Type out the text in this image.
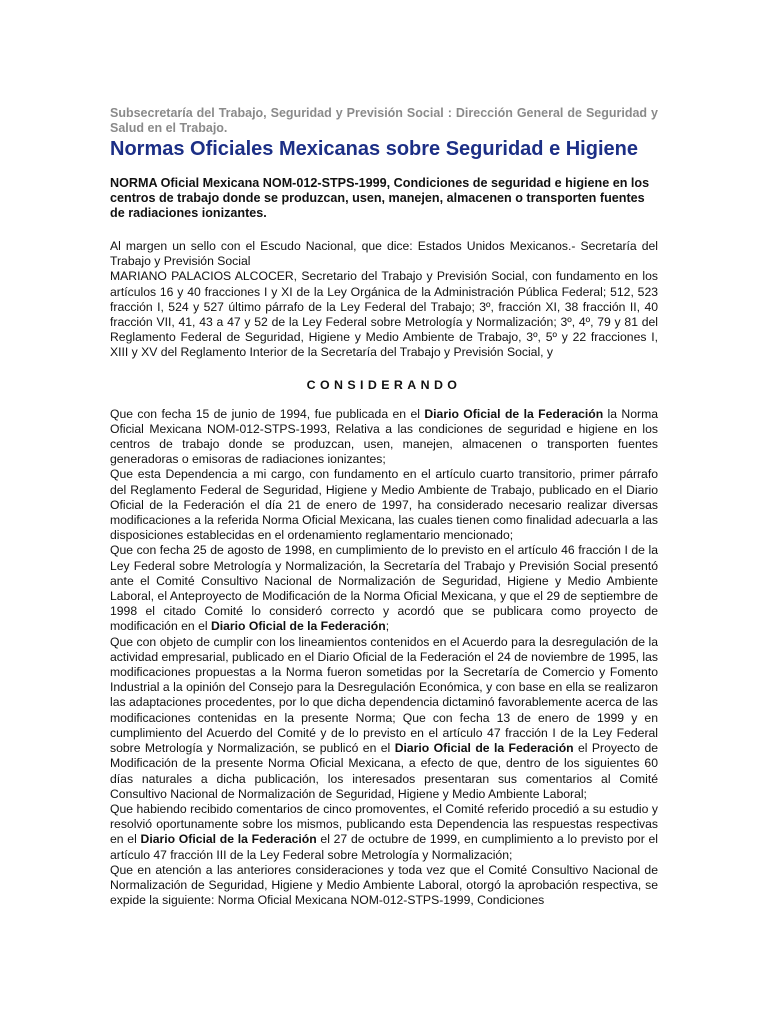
Subsecretaría del Trabajo, Seguridad y Previsión Social : Dirección General de Seguridad y Salud en el Trabajo.

Normas Oficiales Mexicanas sobre Seguridad e Higiene

NORMA Oficial Mexicana NOM-012-STPS-1999, Condiciones de seguridad e higiene en los centros de trabajo donde se produzcan, usen, manejen, almacenen o transporten fuentes de radiaciones ionizantes.

Al margen un sello con el Escudo Nacional, que dice: Estados Unidos Mexicanos.- Secretaría del Trabajo y Previsión Social

MARIANO PALACIOS ALCOCER, Secretario del Trabajo y Previsión Social, con fundamento en los artículos 16 y 40 fracciones I y XI de la Ley Orgánica de la Administración Pública Federal; 512, 523 fracción I, 524 y 527 último párrafo de la Ley Federal del Trabajo; 3º, fracción XI, 38 fracción II, 40 fracción VII, 41, 43 a 47 y 52 de la Ley Federal sobre Metrología y Normalización; 3º, 4º, 79 y 81 del Reglamento Federal de Seguridad, Higiene y Medio Ambiente de Trabajo, 3º, 5º y 22 fracciones I, XIII y XV del Reglamento Interior de la Secretaría del Trabajo y Previsión Social, y

CONSIDERANDO

Que con fecha 15 de junio de 1994, fue publicada en el Diario Oficial de la Federación la Norma Oficial Mexicana NOM-012-STPS-1993, Relativa a las condiciones de seguridad e higiene en los centros de trabajo donde se produzcan, usen, manejen, almacenen o transporten fuentes generadoras o emisoras de radiaciones ionizantes;

Que esta Dependencia a mi cargo, con fundamento en el artículo cuarto transitorio, primer párrafo del Reglamento Federal de Seguridad, Higiene y Medio Ambiente de Trabajo, publicado en el Diario Oficial de la Federación el día 21 de enero de 1997, ha considerado necesario realizar diversas modificaciones a la referida Norma Oficial Mexicana, las cuales tienen como finalidad adecuarla a las disposiciones establecidas en el ordenamiento reglamentario mencionado;

Que con fecha 25 de agosto de 1998, en cumplimiento de lo previsto en el artículo 46 fracción I de la Ley Federal sobre Metrología y Normalización, la Secretaría del Trabajo y Previsión Social presentó ante el Comité Consultivo Nacional de Normalización de Seguridad, Higiene y Medio Ambiente Laboral, el Anteproyecto de Modificación de la Norma Oficial Mexicana, y que el 29 de septiembre de 1998 el citado Comité lo consideró correcto y acordó que se publicara como proyecto de modificación en el Diario Oficial de la Federación;

Que con objeto de cumplir con los lineamientos contenidos en el Acuerdo para la desregulación de la actividad empresarial, publicado en el Diario Oficial de la Federación el 24 de noviembre de 1995, las modificaciones propuestas a la Norma fueron sometidas por la Secretaría de Comercio y Fomento Industrial a la opinión del Consejo para la Desregulación Económica, y con base en ella se realizaron las adaptaciones procedentes, por lo que dicha dependencia dictaminó favorablemente acerca de las modificaciones contenidas en la presente Norma; Que con fecha 13 de enero de 1999 y en cumplimiento del Acuerdo del Comité y de lo previsto en el artículo 47 fracción I de la Ley Federal sobre Metrología y Normalización, se publicó en el Diario Oficial de la Federación el Proyecto de Modificación de la presente Norma Oficial Mexicana, a efecto de que, dentro de los siguientes 60 días naturales a dicha publicación, los interesados presentaran sus comentarios al Comité Consultivo Nacional de Normalización de Seguridad, Higiene y Medio Ambiente Laboral;

Que habiendo recibido comentarios de cinco promoventes, el Comité referido procedió a su estudio y resolvió oportunamente sobre los mismos, publicando esta Dependencia las respuestas respectivas en el Diario Oficial de la Federación el 27 de octubre de 1999, en cumplimiento a lo previsto por el artículo 47 fracción III de la Ley Federal sobre Metrología y Normalización;

Que en atención a las anteriores consideraciones y toda vez que el Comité Consultivo Nacional de Normalización de Seguridad, Higiene y Medio Ambiente Laboral, otorgó la aprobación respectiva, se expide la siguiente: Norma Oficial Mexicana NOM-012-STPS-1999, Condiciones
